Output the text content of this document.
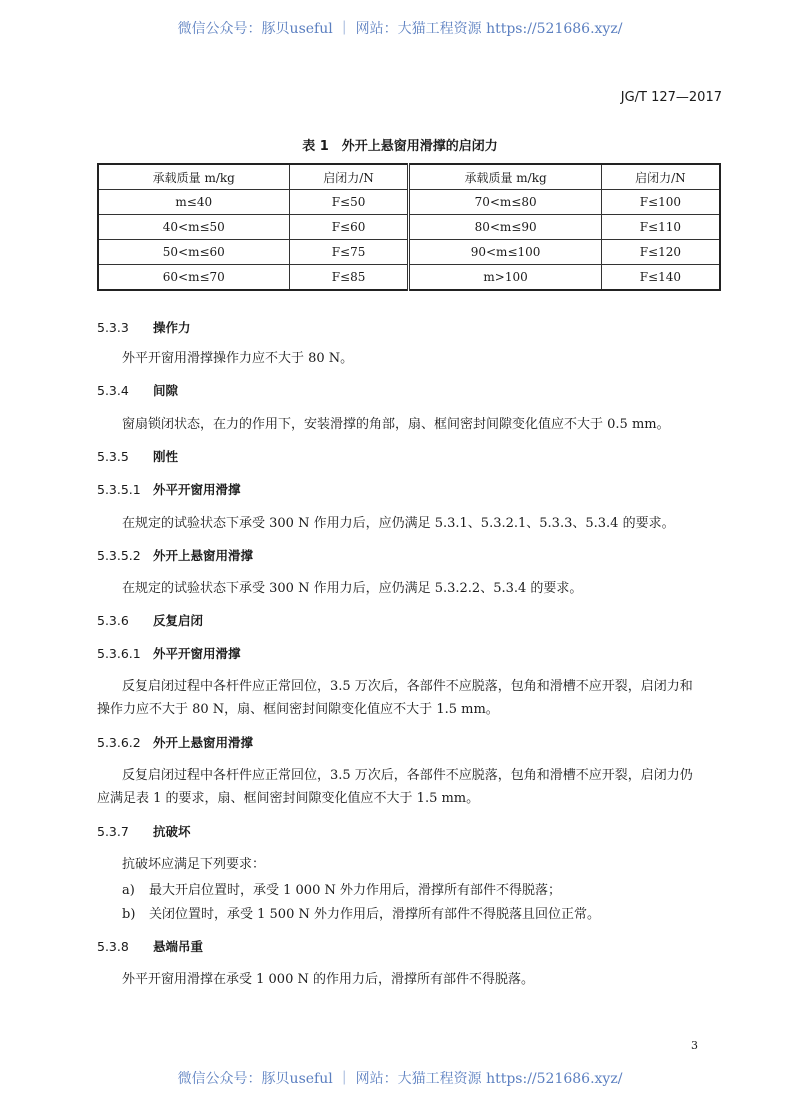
微信公众号：豚贝useful ｜ 网站：大猫工程资源 https://521686.xyz/
JG/T 127—2017
表 1　外开上悬窗用滑撑的启闭力
承载质量 m/kg	启闭力/N	承载质量 m/kg	启闭力/N
m≤40	F≤50	70<m≤80	F≤100
40<m≤50	F≤60	80<m≤90	F≤110
50<m≤60	F≤75	90<m≤100	F≤120
60<m≤70	F≤85	m>100	F≤140
5.3.3 操作力
外平开窗用滑撑操作力应不大于 80 N。
5.3.4 间隙
窗扇锁闭状态，在力的作用下，安装滑撑的角部，扇、框间密封间隙变化值应不大于 0.5 mm。
5.3.5 刚性
5.3.5.1 外平开窗用滑撑
在规定的试验状态下承受 300 N 作用力后，应仍满足 5.3.1、5.3.2.1、5.3.3、5.3.4 的要求。
5.3.5.2 外开上悬窗用滑撑
在规定的试验状态下承受 300 N 作用力后，应仍满足 5.3.2.2、5.3.4 的要求。
5.3.6 反复启闭
5.3.6.1 外平开窗用滑撑
反复启闭过程中各杆件应正常回位，3.5 万次后，各部件不应脱落，包角和滑槽不应开裂，启闭力和
操作力应不大于 80 N，扇、框间密封间隙变化值应不大于 1.5 mm。
5.3.6.2 外开上悬窗用滑撑
反复启闭过程中各杆件应正常回位，3.5 万次后，各部件不应脱落，包角和滑槽不应开裂，启闭力仍
应满足表 1 的要求，扇、框间密封间隙变化值应不大于 1.5 mm。
5.3.7 抗破坏
抗破坏应满足下列要求：
a) 最大开启位置时，承受 1 000 N 外力作用后，滑撑所有部件不得脱落；
b) 关闭位置时，承受 1 500 N 外力作用后，滑撑所有部件不得脱落且回位正常。
5.3.8 悬端吊重
外平开窗用滑撑在承受 1 000 N 的作用力后，滑撑所有部件不得脱落。
3
微信公众号：豚贝useful ｜ 网站：大猫工程资源 https://521686.xyz/
